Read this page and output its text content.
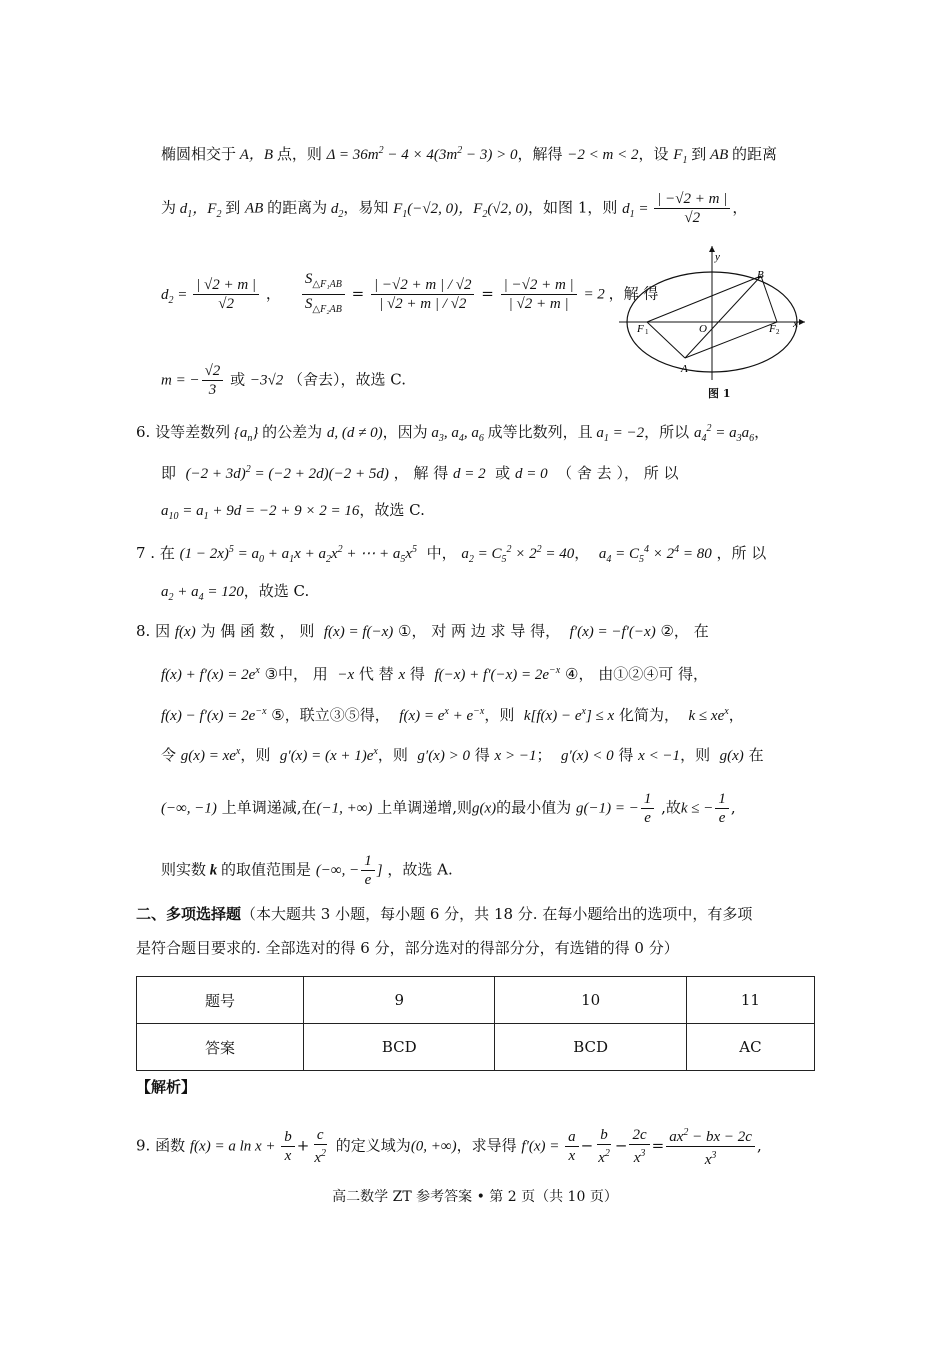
椭圆相交于 A，B 点，则 $\Delta = 36m^2 - 4 \times 4(3m^2 - 3) > 0$，解得 −2 < m < 2，设 $F_1$ 到 AB 的距离
为 $d_1$，$F_2$ 到 AB 的距离为 $d_2$，易知 $F_1(-√2$, 0)，$F_2(√2$, 0)，如图 1，则 $d_1 = \frac{| -√2 + m |}{√2}$ ，
$d_2 = \frac{| √2 + m |}{√2}$ ， $\frac{S_{\triangle F_1AB}}{S_{\triangle F_2AB}} = \frac{| -√2 + m | / √2}{| √2 + m | / √2} = \frac{| -√2 + m |}{| √2 + m |} = 2$ ，解 得
m = − $\frac{√2}{3}$ 或 −3√2 （舍去），故选 C.
y
x
B
A
O
F 1	F 2
图 1
6. 设等差数列 $\{a_n\}$ 的公差为 d, (d ≠ 0)，因为 $a_3$, $a_4$, $a_6$ 成等比数列，且 $a_1 = -2$，所以 $a_4^2 = a_3a_6$，
即 $(-2 + 3d)^2 = (-2 + 2d)(-2 + 5d)$ ， 解 得 d = 2 或 d = 0 （ 舍 去 ）， 所 以
$a_{10} = a_1 + 9d = -2 + 9 \times 2 = 16$，故选 C.
7 . 在 $(1 - 2x)^5 = a_0 + a_1x + a_2x^2$ + ⋯ + $a_5x^5$ 中， $a_2 = C_5^2 \times 2^2 = 40$，  $a_4 = C_5^4 \times 2^4 = 80$ ，所 以
$a_2 + a_4 = 120$，故选 C.
8. 因 f(x) 为 偶 函 数 ， 则 f(x) = f(−x) ①， 对 两 边 求 导 得， f′(x) = −f′(−x) ②， 在
$f(x) + f'(x) = 2e^x$ ③中， 用 −x 代 替 x 得 $f(-x) + f'(-x) = 2e^{-x}$ ④， 由①②④可 得，
$f(x) - f'(x) = 2e^{-x}$ ⑤，联立③⑤得， $f(x) = e^x + e^{-x}$，则 $k[f(x) - e^x] \le x$ 化简为， $k \le xe^x$，
令 $g(x) = xe^x$，则 $g'(x) = (x + 1)e^x$，则 g′(x) > 0 得 x > −1； g′(x) < 0 得 x < −1，则 g(x) 在
(−∞, −1) 上单调递减,在(−1, +∞) 上单调递增,则g(x)的最小值为 g(−1) = − $\frac{1}{e}$ ,故k ≤ − $\frac{1}{e}$ ,
则实数 k 的取值范围是 (−∞, − $\frac{1}{e}$ ] ，故选 A.
二、多项选择题（本大题共 3 小题，每小题 6 分，共 18 分. 在每小题给出的选项中，有多项
是符合题目要求的. 全部选对的得 6 分，部分选对的得部分分，有选错的得 0 分）
题号	9	10	11
答案	BCD	BCD	AC
【解析】
9. 函数 f(x) = a $\ln x + \frac{b}{x} + \frac{c}{x^2}$ 的定义域为(0, +∞)，求导得 $f'(x) = \frac{a}{x} - \frac{b}{x^2} - \frac{2c}{x^3} = \frac{ax^2 - bx - 2c}{x^3}$ ,
高二数学 ZT 参考答案 • 第 2 页（共 10 页）
